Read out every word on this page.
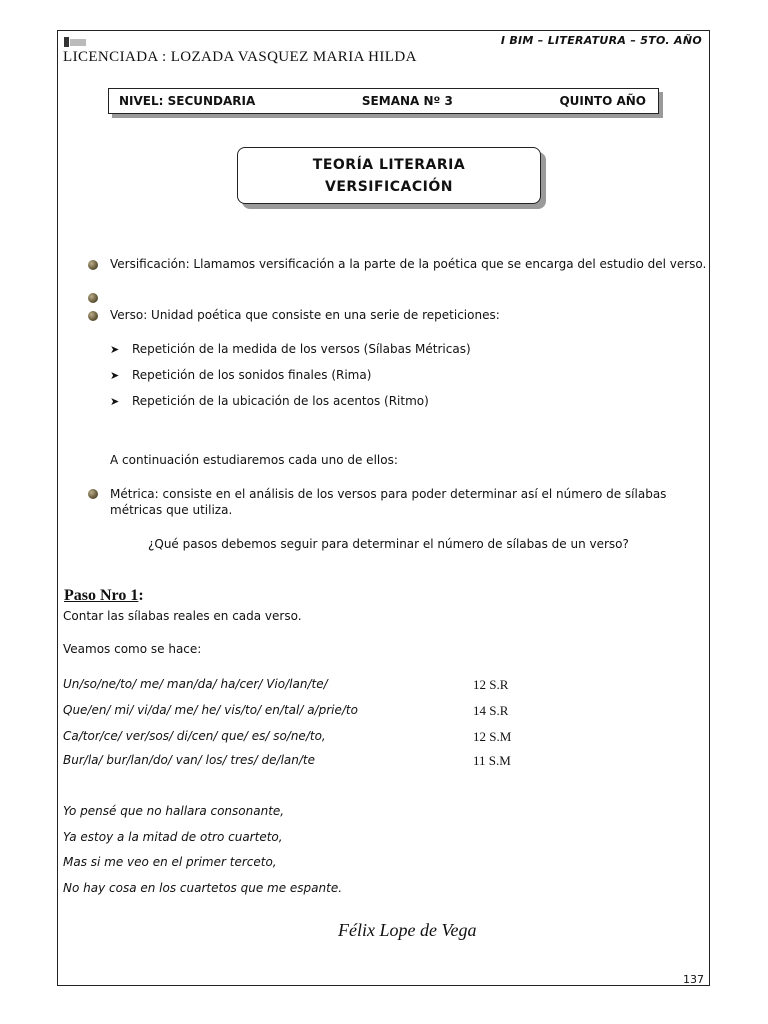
I BIM – LITERATURA – 5TO. AÑO
LICENCIADA : LOZADA VASQUEZ MARIA HILDA
NIVEL: SECUNDARIA	SEMANA Nº 3	QUINTO AÑO
TEORÍA LITERARIA
VERSIFICACIÓN
Versificación: Llamamos versificación a la parte de la poética que se encarga del estudio del verso.
Verso: Unidad poética que consiste en una serie de repeticiones:
➤ Repetición de la medida de los versos (Sílabas Métricas)
➤ Repetición de los sonidos finales (Rima)
➤ Repetición de la ubicación de los acentos (Ritmo)
A continuación estudiaremos cada uno de ellos:
Métrica: consiste en el análisis de los versos para poder determinar así el número de sílabas
métricas que utiliza.
¿Qué pasos debemos seguir para determinar el número de sílabas de un verso?
Paso Nro 1:
Contar las sílabas reales en cada verso.
Veamos como se hace:
Un/so/ne/to/ me/ man/da/ ha/cer/ Vio/lan/te/	12 S.R
Que/en/ mi/ vi/da/ me/ he/ vis/to/ en/tal/ a/prie/to	14 S.R
Ca/tor/ce/ ver/sos/ di/cen/ que/ es/ so/ne/to,	12 S.M
Bur/la/ bur/lan/do/ van/ los/ tres/ de/lan/te	11 S.M
Yo pensé que no hallara consonante,
Ya estoy a la mitad de otro cuarteto,
Mas si me veo en el primer terceto,
No hay cosa en los cuartetos que me espante.
Félix Lope de Vega
137
